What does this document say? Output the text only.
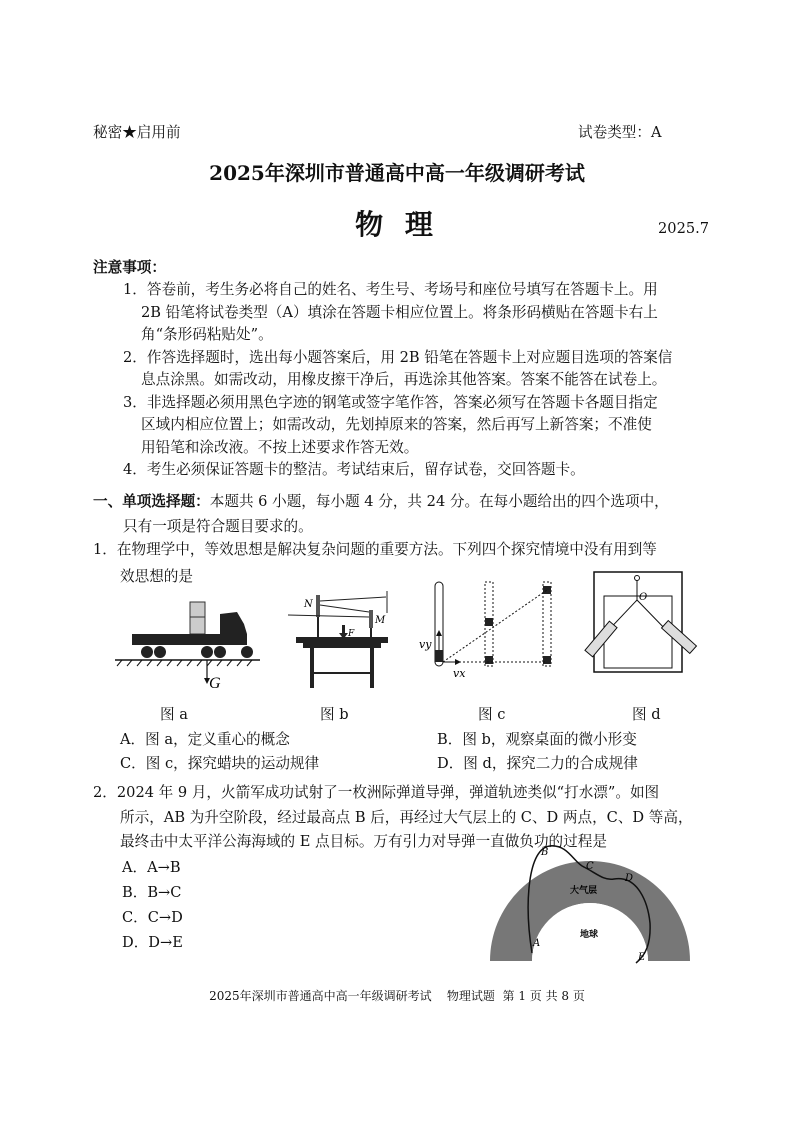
秘密★启用前	试卷类型：A
2025年深圳市普通高中高一年级调研考试
物 理	2025.7
注意事项：
1．答卷前，考生务必将自己的姓名、考生号、考场号和座位号填写在答题卡上。用
2B 铅笔将试卷类型（A）填涂在答题卡相应位置上。将条形码横贴在答题卡右上
角“条形码粘贴处”。
2．作答选择题时，选出每小题答案后，用 2B 铅笔在答题卡上对应题目选项的答案信
息点涂黑。如需改动，用橡皮擦干净后，再选涂其他答案。答案不能答在试卷上。
3．非选择题必须用黑色字迹的钢笔或签字笔作答，答案必须写在答题卡各题目指定
区域内相应位置上；如需改动，先划掉原来的答案，然后再写上新答案；不准使
用铅笔和涂改液。不按上述要求作答无效。
4．考生必须保证答题卡的整洁。考试结束后，留存试卷，交回答题卡。
一、单项选择题：本题共 6 小题，每小题 4 分，共 24 分。在每小题给出的四个选项中，
只有一项是符合题目要求的。
1．在物理学中，等效思想是解决复杂问题的重要方法。下列四个探究情境中没有用到等
效思想的是
G
N
M
F
vy
vx
O
图 a	图 b	图 c	图 d
A．图 a，定义重心的概念	B．图 b，观察桌面的微小形变
C．图 c，探究蜡块的运动规律	D．图 d，探究二力的合成规律
2．2024 年 9 月，火箭军成功试射了一枚洲际弹道导弹，弹道轨迹类似“打水漂”。如图
所示，AB 为升空阶段，经过最高点 B 后，再经过大气层上的 C、D 两点，C、D 等高，
最终击中太平洋公海海域的 E 点目标。万有引力对导弹一直做负功的过程是
A．A→B
B．B→C
C．C→D
D．D→E
大气层
地球
A
B
C
D
E
2025年深圳市普通高中高一年级调研考试    物理试题  第 1 页 共 8 页
